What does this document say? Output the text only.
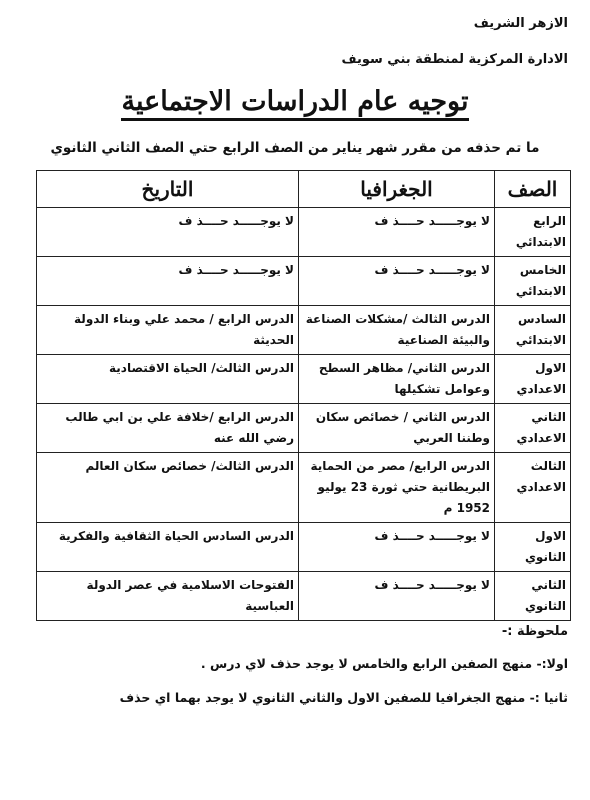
الازهر الشريف
الادارة المركزية لمنطقة بني سويف
توجيه عام الدراسات الاجتماعية
ما تم حذفه من مقرر شهر يناير من الصف الرابع حتي الصف الثاني الثانوي
الصف	الجغرافيا	التاريخ
الرابع الابتدائي	لا يوجـــــد حــــذ ف	لا يوجـــــد حــــذ ف
الخامس الابتدائي	لا يوجـــــد حــــذ ف	لا يوجـــــد حــــذ ف
السادس الابتدائي	الدرس الثالث /مشكلات الصناعة والبيئة الصناعية	الدرس الرابع / محمد علي وبناء الدولة الحديثة
الاول الاعدادي	الدرس الثاني/ مظاهر السطح وعوامل تشكيلها	الدرس الثالث/ الحياة الاقتصادية
الثاني الاعدادي	الدرس الثاني / خصائص سكان وطننا العربي	الدرس الرابع /خلافة علي بن ابي طالب رضي الله عنه
الثالث الاعدادي	الدرس الرابع/ مصر من الحماية البريطانية حتي ثورة 23 يوليو 1952 م	الدرس الثالث/ خصائص سكان العالم
الاول الثانوي	لا يوجـــــد حــــذ ف	الدرس السادس الحياة الثقافية والفكرية
الثاني الثانوي	لا يوجـــــد حــــذ ف	الفتوحات الاسلامية في عصر الدولة العباسية
ملحوظة :-
اولا:- منهج الصفين الرابع والخامس لا يوجد حذف لاي درس .
ثانيا :- منهج الجغرافيا للصفين الاول والثاني الثانوي لا يوجد بهما اي حذف
